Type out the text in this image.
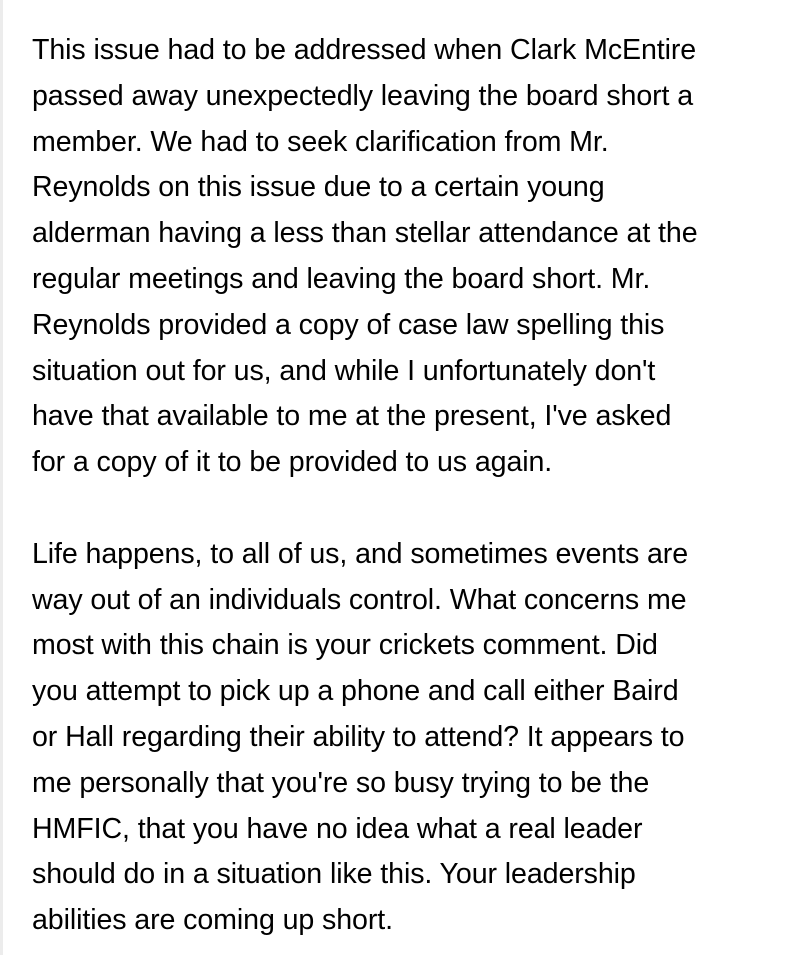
This issue had to be addressed when Clark McEntire
passed away unexpectedly leaving the board short a
member. We had to seek clarification from Mr.
Reynolds on this issue due to a certain young
alderman having a less than stellar attendance at the
regular meetings and leaving the board short. Mr.
Reynolds provided a copy of case law spelling this
situation out for us, and while I unfortunately don't
have that available to me at the present, I've asked
for a copy of it to be provided to us again.

Life happens, to all of us, and sometimes events are
way out of an individuals control. What concerns me
most with this chain is your crickets comment. Did
you attempt to pick up a phone and call either Baird
or Hall regarding their ability to attend? It appears to
me personally that you're so busy trying to be the
HMFIC, that you have no idea what a real leader
should do in a situation like this. Your leadership
abilities are coming up short.
